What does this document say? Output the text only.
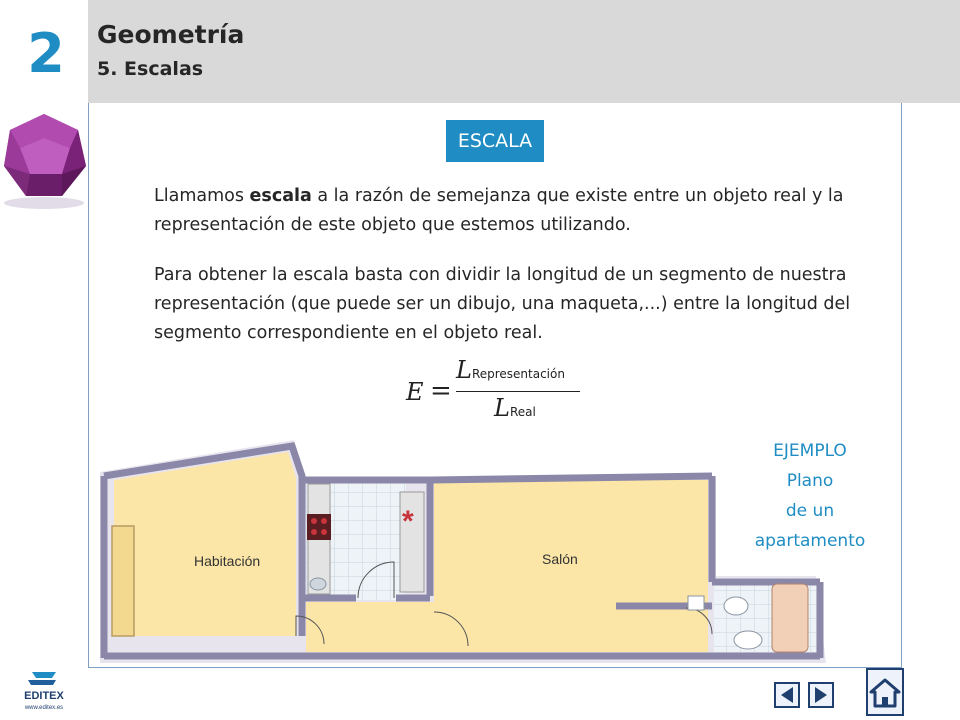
2 Geometría
5. Escalas
ESCALA
Llamamos escala a la razón de semejanza que existe entre un objeto real y la representación de este objeto que estemos utilizando.
Para obtener la escala basta con dividir la longitud de un segmento de nuestra representación (que puede ser un dibujo, una maqueta,...) entre la longitud del segmento correspondiente en el objeto real.
E =
LRepresentación
LReal
EJEMPLO
Plano
de un
apartamento
*
Habitación	Salón
EDITEX
www.editex.es
